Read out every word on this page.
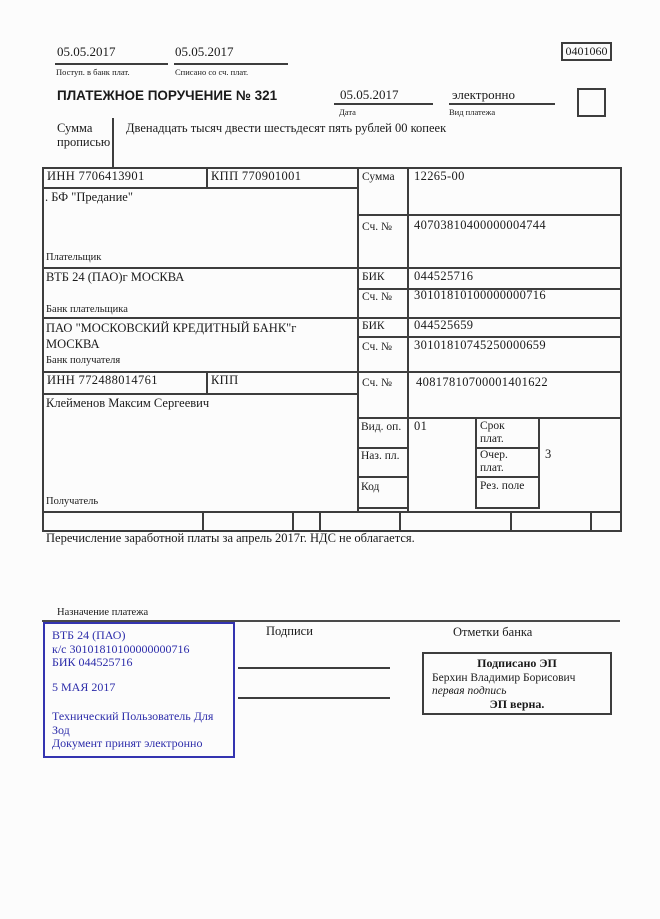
05.05.2017
Поступ. в банк плат.
05.05.2017
Списано со сч. плат.
0401060
ПЛАТЕЖНОЕ ПОРУЧЕНИЕ № 321	05.05.2017
Дата
электронно
Вид платежа
Сумма прописью
Двенадцать тысяч двести шестьдесят пять рублей 00 копеек
ИНН 7706413901	КПП 770901001	Сумма 12265-00
. БФ "Предание"
Сч. № 40703810400000004744
Плательщик
ВТБ 24 (ПАО)г МОСКВА	БИК 044525716
Сч. № 30101810100000000716
Банк плательщика
ПАО "МОСКОВСКИЙ КРЕДИТНЫЙ БАНК"г МОСКВА
БИК 044525659
Сч. № 30101810745250000659
Банк получателя
ИНН 772488014761	КПП	Сч. № 40817810700001401622
Клейменов Максим Сергеевич
Получатель
Вид. оп. 01	Срок плат.
Наз. пл.	Очер. плат.
3
Код	Рез. поле
Перечисление заработной платы за апрель 2017г. НДС не облагается.
Назначение платежа
ВТБ 24 (ПАО)
к/с 30101810100000000716
БИК 044525716
5 МАЯ 2017
Технический Пользователь Для Зод
Документ принят электронно
Подписи	Отметки банка
Подписано ЭП
Берхин Владимир Борисович
первая подпись
ЭП верна.
